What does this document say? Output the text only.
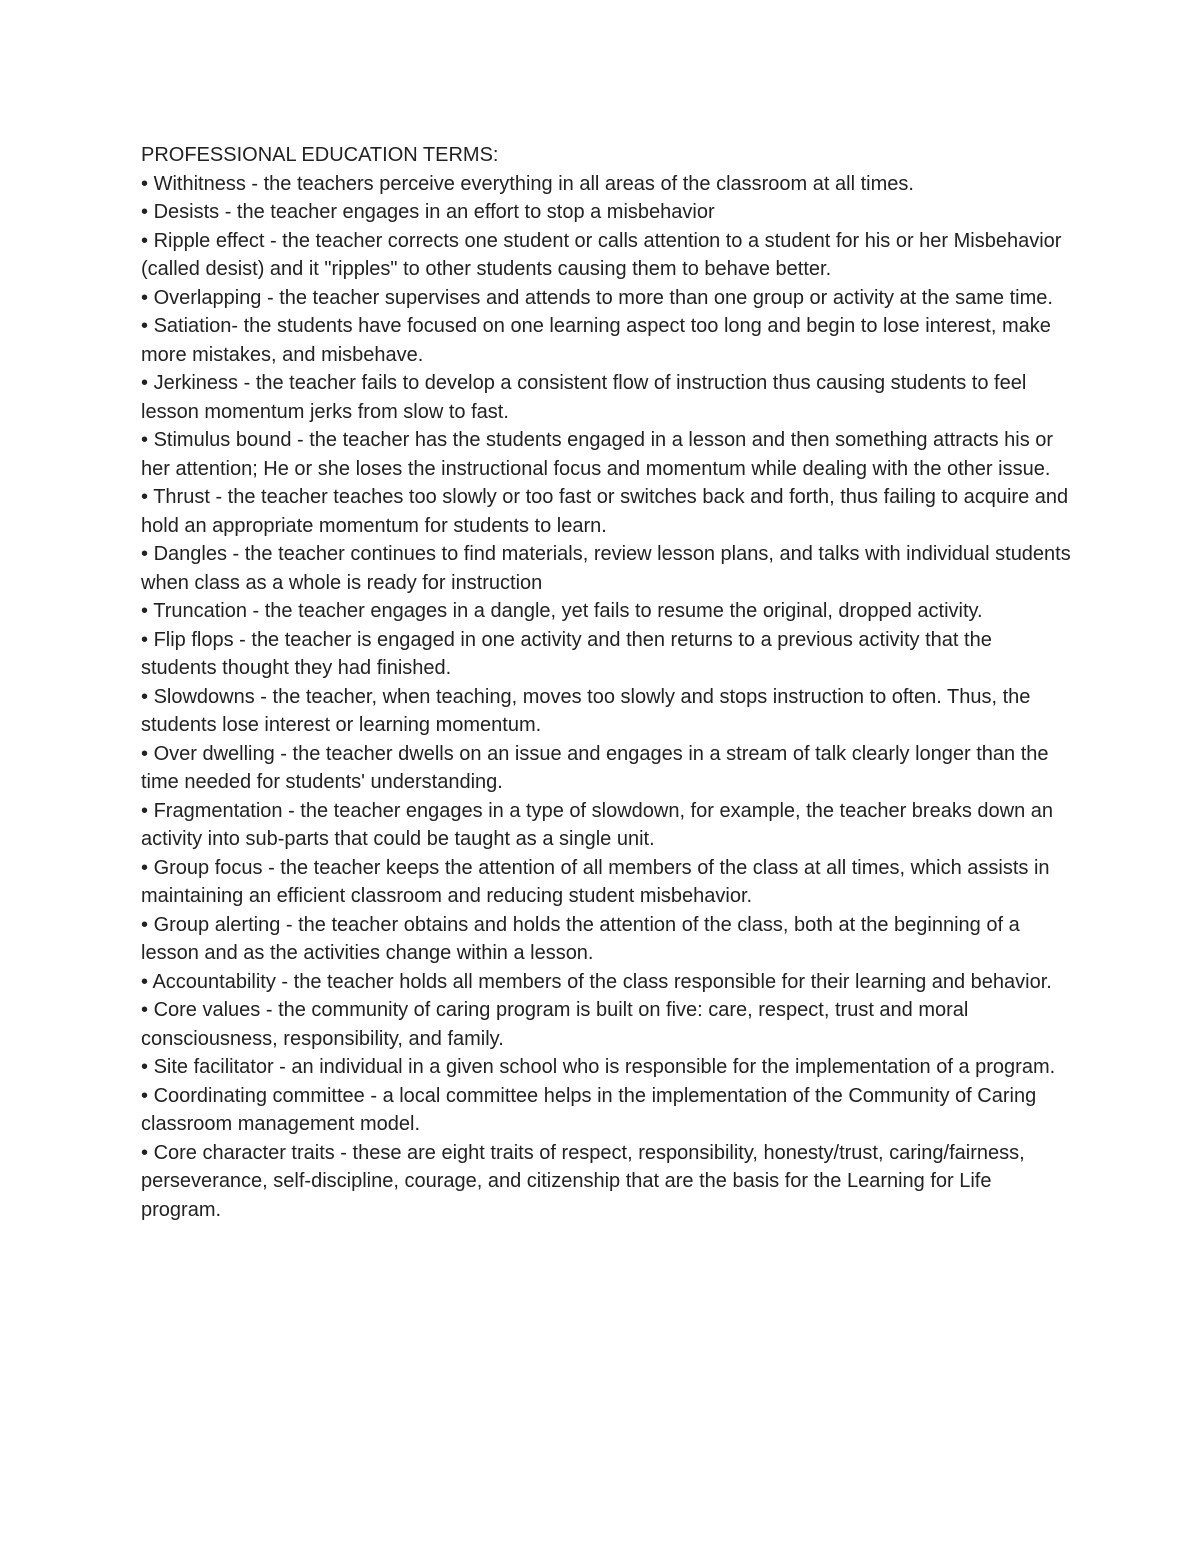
PROFESSIONAL EDUCATION TERMS:
• Withitness - the teachers perceive everything in all areas of the classroom at all times.
• Desists - the teacher engages in an effort to stop a misbehavior
• Ripple effect - the teacher corrects one student or calls attention to a student for his or her Misbehavior (called desist) and it "ripples" to other students causing them to behave better.
• Overlapping - the teacher supervises and attends to more than one group or activity at the same time.
• Satiation- the students have focused on one learning aspect too long and begin to lose interest, make more mistakes, and misbehave.
• Jerkiness - the teacher fails to develop a consistent flow of instruction thus causing students to feel lesson momentum jerks from slow to fast.
• Stimulus bound - the teacher has the students engaged in a lesson and then something attracts his or her attention; He or she loses the instructional focus and momentum while dealing with the other issue.
• Thrust - the teacher teaches too slowly or too fast or switches back and forth, thus failing to acquire and hold an appropriate momentum for students to learn.
• Dangles - the teacher continues to find materials, review lesson plans, and talks with individual students when class as a whole is ready for instruction
• Truncation - the teacher engages in a dangle, yet fails to resume the original, dropped activity.
• Flip flops - the teacher is engaged in one activity and then returns to a previous activity that the students thought they had finished.
• Slowdowns - the teacher, when teaching, moves too slowly and stops instruction to often. Thus, the students lose interest or learning momentum.
• Over dwelling - the teacher dwells on an issue and engages in a stream of talk clearly longer than the time needed for students' understanding.
• Fragmentation - the teacher engages in a type of slowdown, for example, the teacher breaks down an activity into sub-parts that could be taught as a single unit.
• Group focus - the teacher keeps the attention of all members of the class at all times, which assists in maintaining an efficient classroom and reducing student misbehavior.
• Group alerting - the teacher obtains and holds the attention of the class, both at the beginning of a lesson and as the activities change within a lesson.
• Accountability - the teacher holds all members of the class responsible for their learning and behavior.
• Core values - the community of caring program is built on five: care, respect, trust and moral consciousness, responsibility, and family.
• Site facilitator - an individual in a given school who is responsible for the implementation of a program.
• Coordinating committee - a local committee helps in the implementation of the Community of Caring classroom management model.
• Core character traits - these are eight traits of respect, responsibility, honesty/trust, caring/fairness, perseverance, self-discipline, courage, and citizenship that are the basis for the Learning for Life program.
